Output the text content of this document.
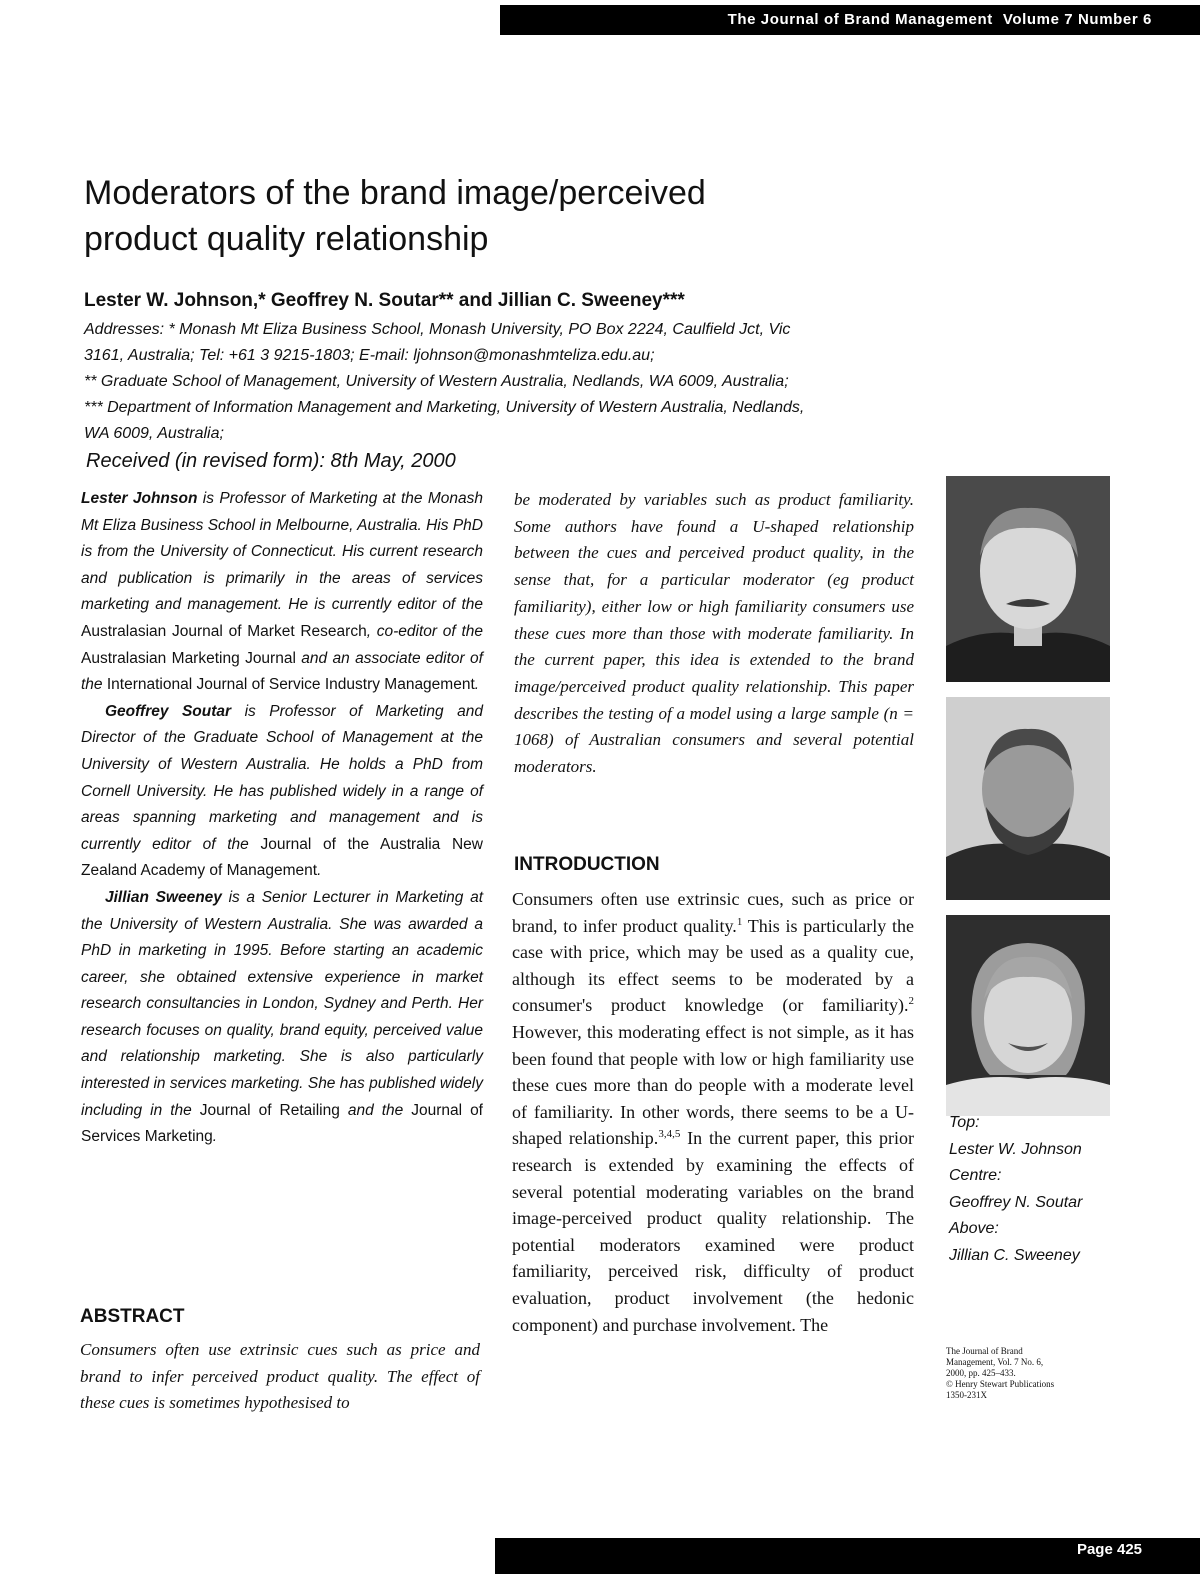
The Journal of Brand Management Volume 7 Number 6
Moderators of the brand image/perceived
product quality relationship

Lester W. Johnson,* Geoffrey N. Soutar** and Jillian C. Sweeney***

Addresses: * Monash Mt Eliza Business School, Monash University, PO Box 2224, Caulfield Jct, Vic
3161, Australia; Tel: +61 3 9215-1803; E-mail: ljohnson@monashmteliza.edu.au;
** Graduate School of Management, University of Western Australia, Nedlands, WA 6009, Australia;
*** Department of Information Management and Marketing, University of Western Australia, Nedlands,
WA 6009, Australia;
Received (in revised form): 8th May, 2000

Lester Johnson is Professor of Marketing at the Monash Mt Eliza Business School in Melbourne, Australia. His PhD is from the University of Connecticut. His current research and publication is primarily in the areas of services marketing and management. He is currently editor of the Australasian Journal of Market Research, co-editor of the Australasian Marketing Journal and an associate editor of the International Journal of Service Industry Management.

Geoffrey Soutar is Professor of Marketing and Director of the Graduate School of Management at the University of Western Australia. He holds a PhD from Cornell University. He has published widely in a range of areas spanning marketing and management and is currently editor of the Journal of the Australia New Zealand Academy of Management.

Jillian Sweeney is a Senior Lecturer in Marketing at the University of Western Australia. She was awarded a PhD in marketing in 1995. Before starting an academic career, she obtained extensive experience in market research consultancies in London, Sydney and Perth. Her research focuses on quality, brand equity, perceived value and relationship marketing. She is also particularly interested in services marketing. She has published widely including in the Journal of Retailing and the Journal of Services Marketing.

ABSTRACT

Consumers often use extrinsic cues such as price and brand to infer perceived product quality. The effect of these cues is sometimes hypothesised to

be moderated by variables such as product familiarity. Some authors have found a U-shaped relationship between the cues and perceived product quality, in the sense that, for a particular moderator (eg product familiarity), either low or high familiarity consumers use these cues more than those with moderate familiarity. In the current paper, this idea is extended to the brand image/perceived product quality relationship. This paper describes the testing of a model using a large sample (n = 1068) of Australian consumers and several potential moderators.

INTRODUCTION

Consumers often use extrinsic cues, such as price or brand, to infer product quality.$^1$ This is particularly the case with price, which may be used as a quality cue, although its effect seems to be moderated by a consumer's product knowledge (or familiarity).$^2$ However, this moderating effect is not simple, as it has been found that people with low or high familiarity use these cues more than do people with a moderate level of familiarity. In other words, there seems to be a U-shaped relationship.$^{3,4,5}$ In the current paper, this prior research is extended by examining the effects of several potential moderating variables on the brand image-perceived product quality relationship. The potential moderators examined were product familiarity, perceived risk, difficulty of product evaluation, product involvement (the hedonic component) and purchase involvement. The

Top:
Lester W. Johnson
Centre:
Geoffrey N. Soutar
Above:
Jillian C. Sweeney
The Journal of Brand
Management, Vol. 7 No. 6,
2000, pp. 425–433.
© Henry Stewart Publications
1350-231X
Page 425
